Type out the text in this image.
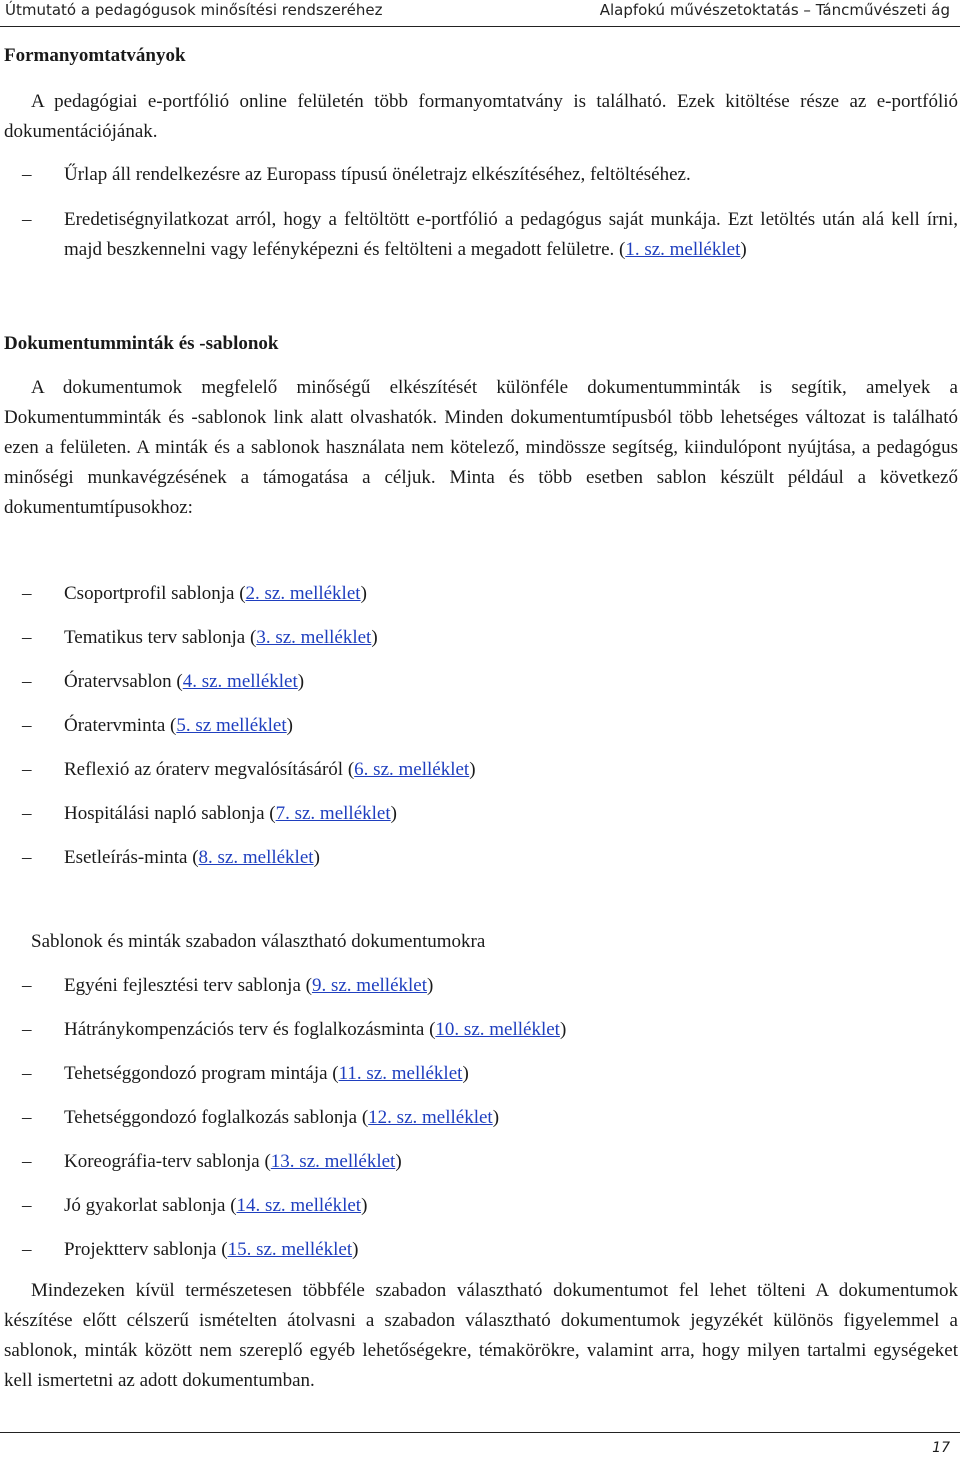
Útmutató a pedagógusok minősítési rendszeréhez	Alapfokú művészetoktatás – Táncművészeti ág
Formanyomtatványok
A pedagógiai e-portfólió online felületén több formanyomtatvány is található. Ezek kitöltése része az e-portfólió dokumentációjának.
– Űrlap áll rendelkezésre az Europass típusú önéletrajz elkészítéséhez, feltöltéséhez.
– Eredetiségnyilatkozat arról, hogy a feltöltött e-portfólió a pedagógus saját munkája. Ezt letöltés után alá kell írni, majd beszkennelni vagy lefényképezni és feltölteni a megadott felületre. (1. sz. melléklet)
Dokumentumminták és -sablonok
A dokumentumok megfelelő minőségű elkészítését különféle dokumentumminták is segítik, amelyek a Dokumentumminták és -sablonok link alatt olvashatók. Minden dokumentumtípusból több lehetséges változat is található ezen a felületen. A minták és a sablonok használata nem kötelező, mindössze segítség, kiindulópont nyújtása, a pedagógus minőségi munkavégzésének a támogatása a céljuk. Minta és több esetben sablon készült például a következő dokumentumtípusokhoz:
– Csoportprofil sablonja (2. sz. melléklet)
– Tematikus terv sablonja (3. sz. melléklet)
– Óratervsablon (4. sz. melléklet)
– Óratervminta (5. sz melléklet)
– Reflexió az óraterv megvalósításáról (6. sz. melléklet)
– Hospitálási napló sablonja (7. sz. melléklet)
– Esetleírás-minta (8. sz. melléklet)
Sablonok és minták szabadon választható dokumentumokra
– Egyéni fejlesztési terv sablonja (9. sz. melléklet)
– Hátránykompenzációs terv és foglalkozásminta (10. sz. melléklet)
– Tehetséggondozó program mintája (11. sz. melléklet)
– Tehetséggondozó foglalkozás sablonja (12. sz. melléklet)
– Koreográfia-terv sablonja (13. sz. melléklet)
– Jó gyakorlat sablonja (14. sz. melléklet)
– Projektterv sablonja (15. sz. melléklet)
Mindezeken kívül természetesen többféle szabadon választható dokumentumot fel lehet tölteni A dokumentumok készítése előtt célszerű ismételten átolvasni a szabadon választható dokumentumok jegyzékét különös figyelemmel a sablonok, minták között nem szereplő egyéb lehetőségekre, témakörökre, valamint arra, hogy milyen tartalmi egységeket kell ismertetni az adott dokumentumban.
17
